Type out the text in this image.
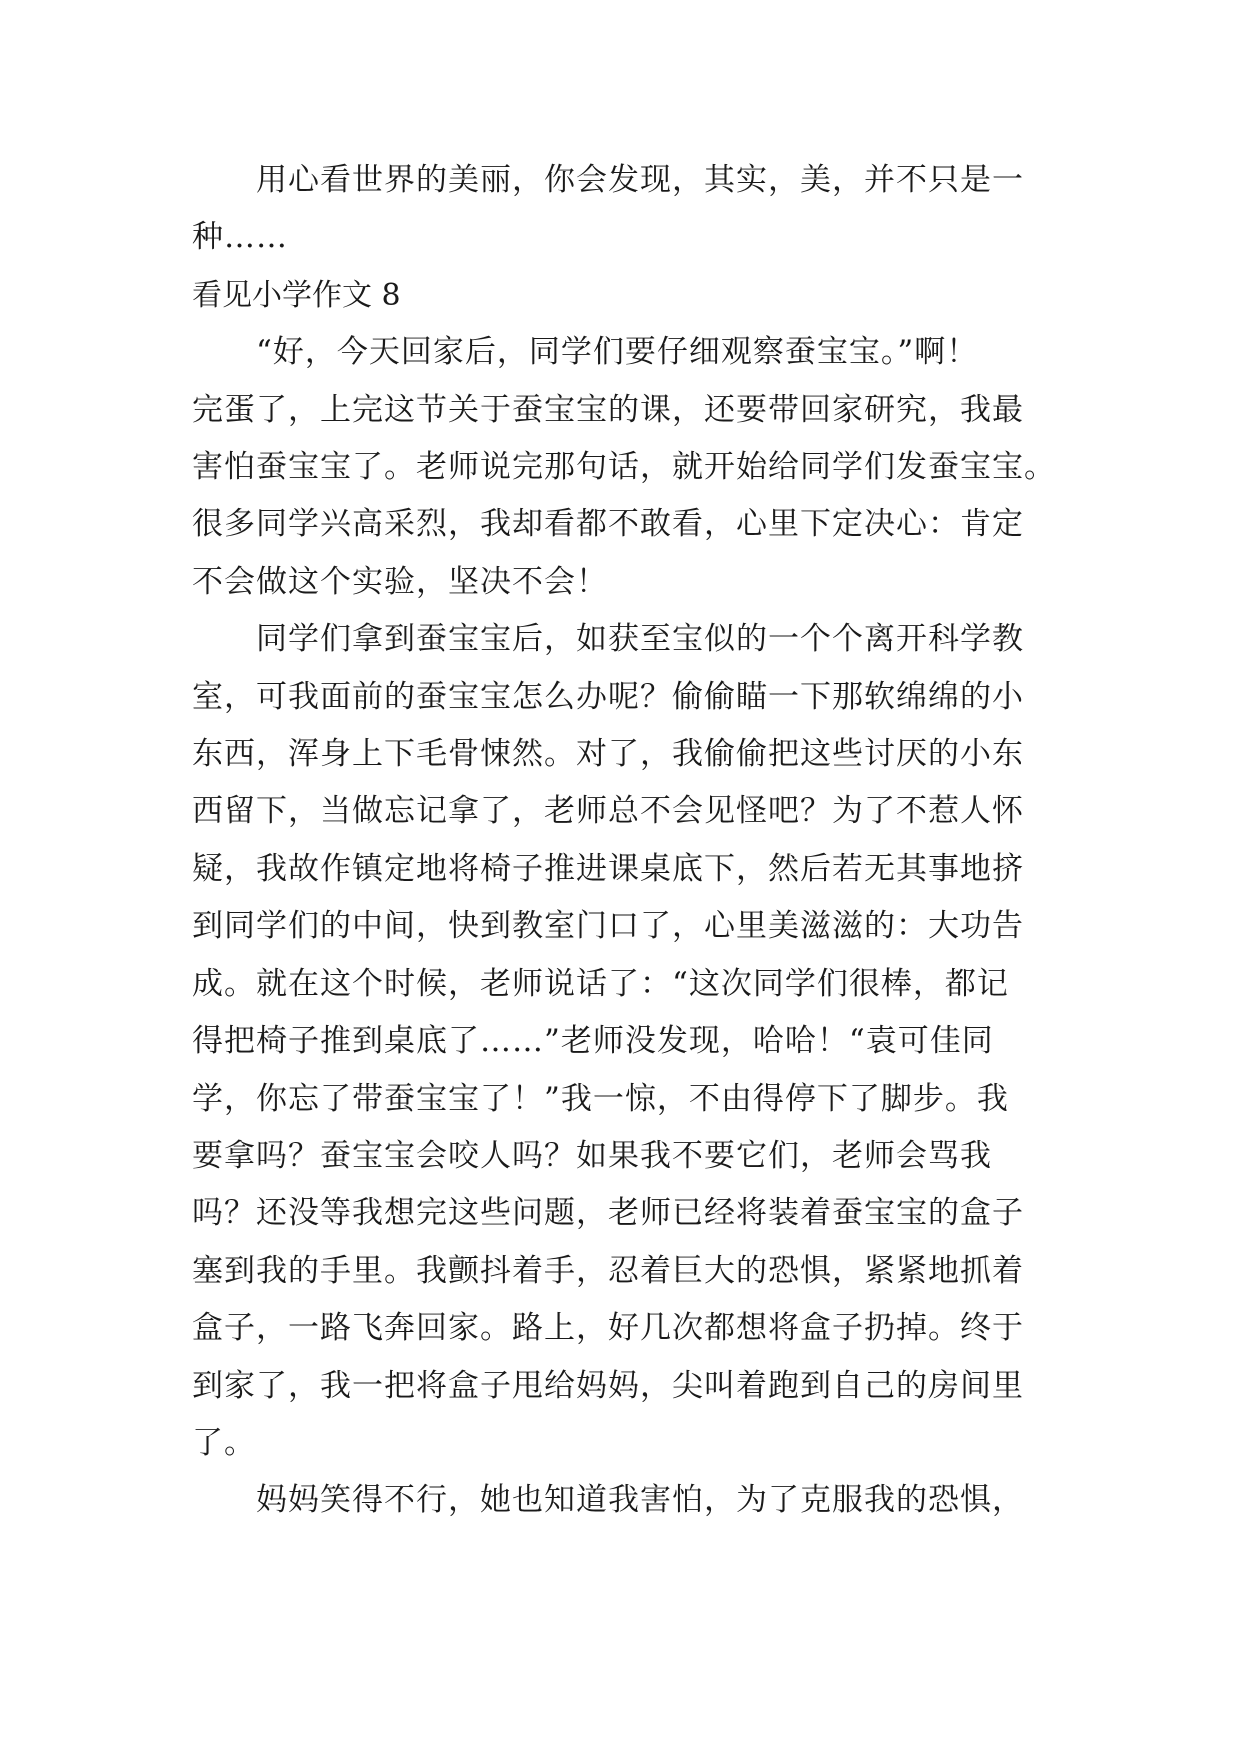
用心看世界的美丽，你会发现，其实，美，并不只是一
种……
看见小学作文 8
“好，今天回家后，同学们要仔细观察蚕宝宝。”啊！
完蛋了，上完这节关于蚕宝宝的课，还要带回家研究，我最
害怕蚕宝宝了。老师说完那句话，就开始给同学们发蚕宝宝。
很多同学兴高采烈，我却看都不敢看，心里下定决心：肯定
不会做这个实验，坚决不会！
同学们拿到蚕宝宝后，如获至宝似的一个个离开科学教
室，可我面前的蚕宝宝怎么办呢？偷偷瞄一下那软绵绵的小
东西，浑身上下毛骨悚然。对了，我偷偷把这些讨厌的小东
西留下，当做忘记拿了，老师总不会见怪吧？为了不惹人怀
疑，我故作镇定地将椅子推进课桌底下，然后若无其事地挤
到同学们的中间，快到教室门口了，心里美滋滋的：大功告
成。就在这个时候，老师说话了：“这次同学们很棒，都记
得把椅子推到桌底了……”老师没发现，哈哈！“袁可佳同
学，你忘了带蚕宝宝了！”我一惊，不由得停下了脚步。我
要拿吗？蚕宝宝会咬人吗？如果我不要它们，老师会骂我
吗？还没等我想完这些问题，老师已经将装着蚕宝宝的盒子
塞到我的手里。我颤抖着手，忍着巨大的恐惧，紧紧地抓着
盒子，一路飞奔回家。路上，好几次都想将盒子扔掉。终于
到家了，我一把将盒子甩给妈妈，尖叫着跑到自己的房间里
了。
妈妈笑得不行，她也知道我害怕，为了克服我的恐惧，
